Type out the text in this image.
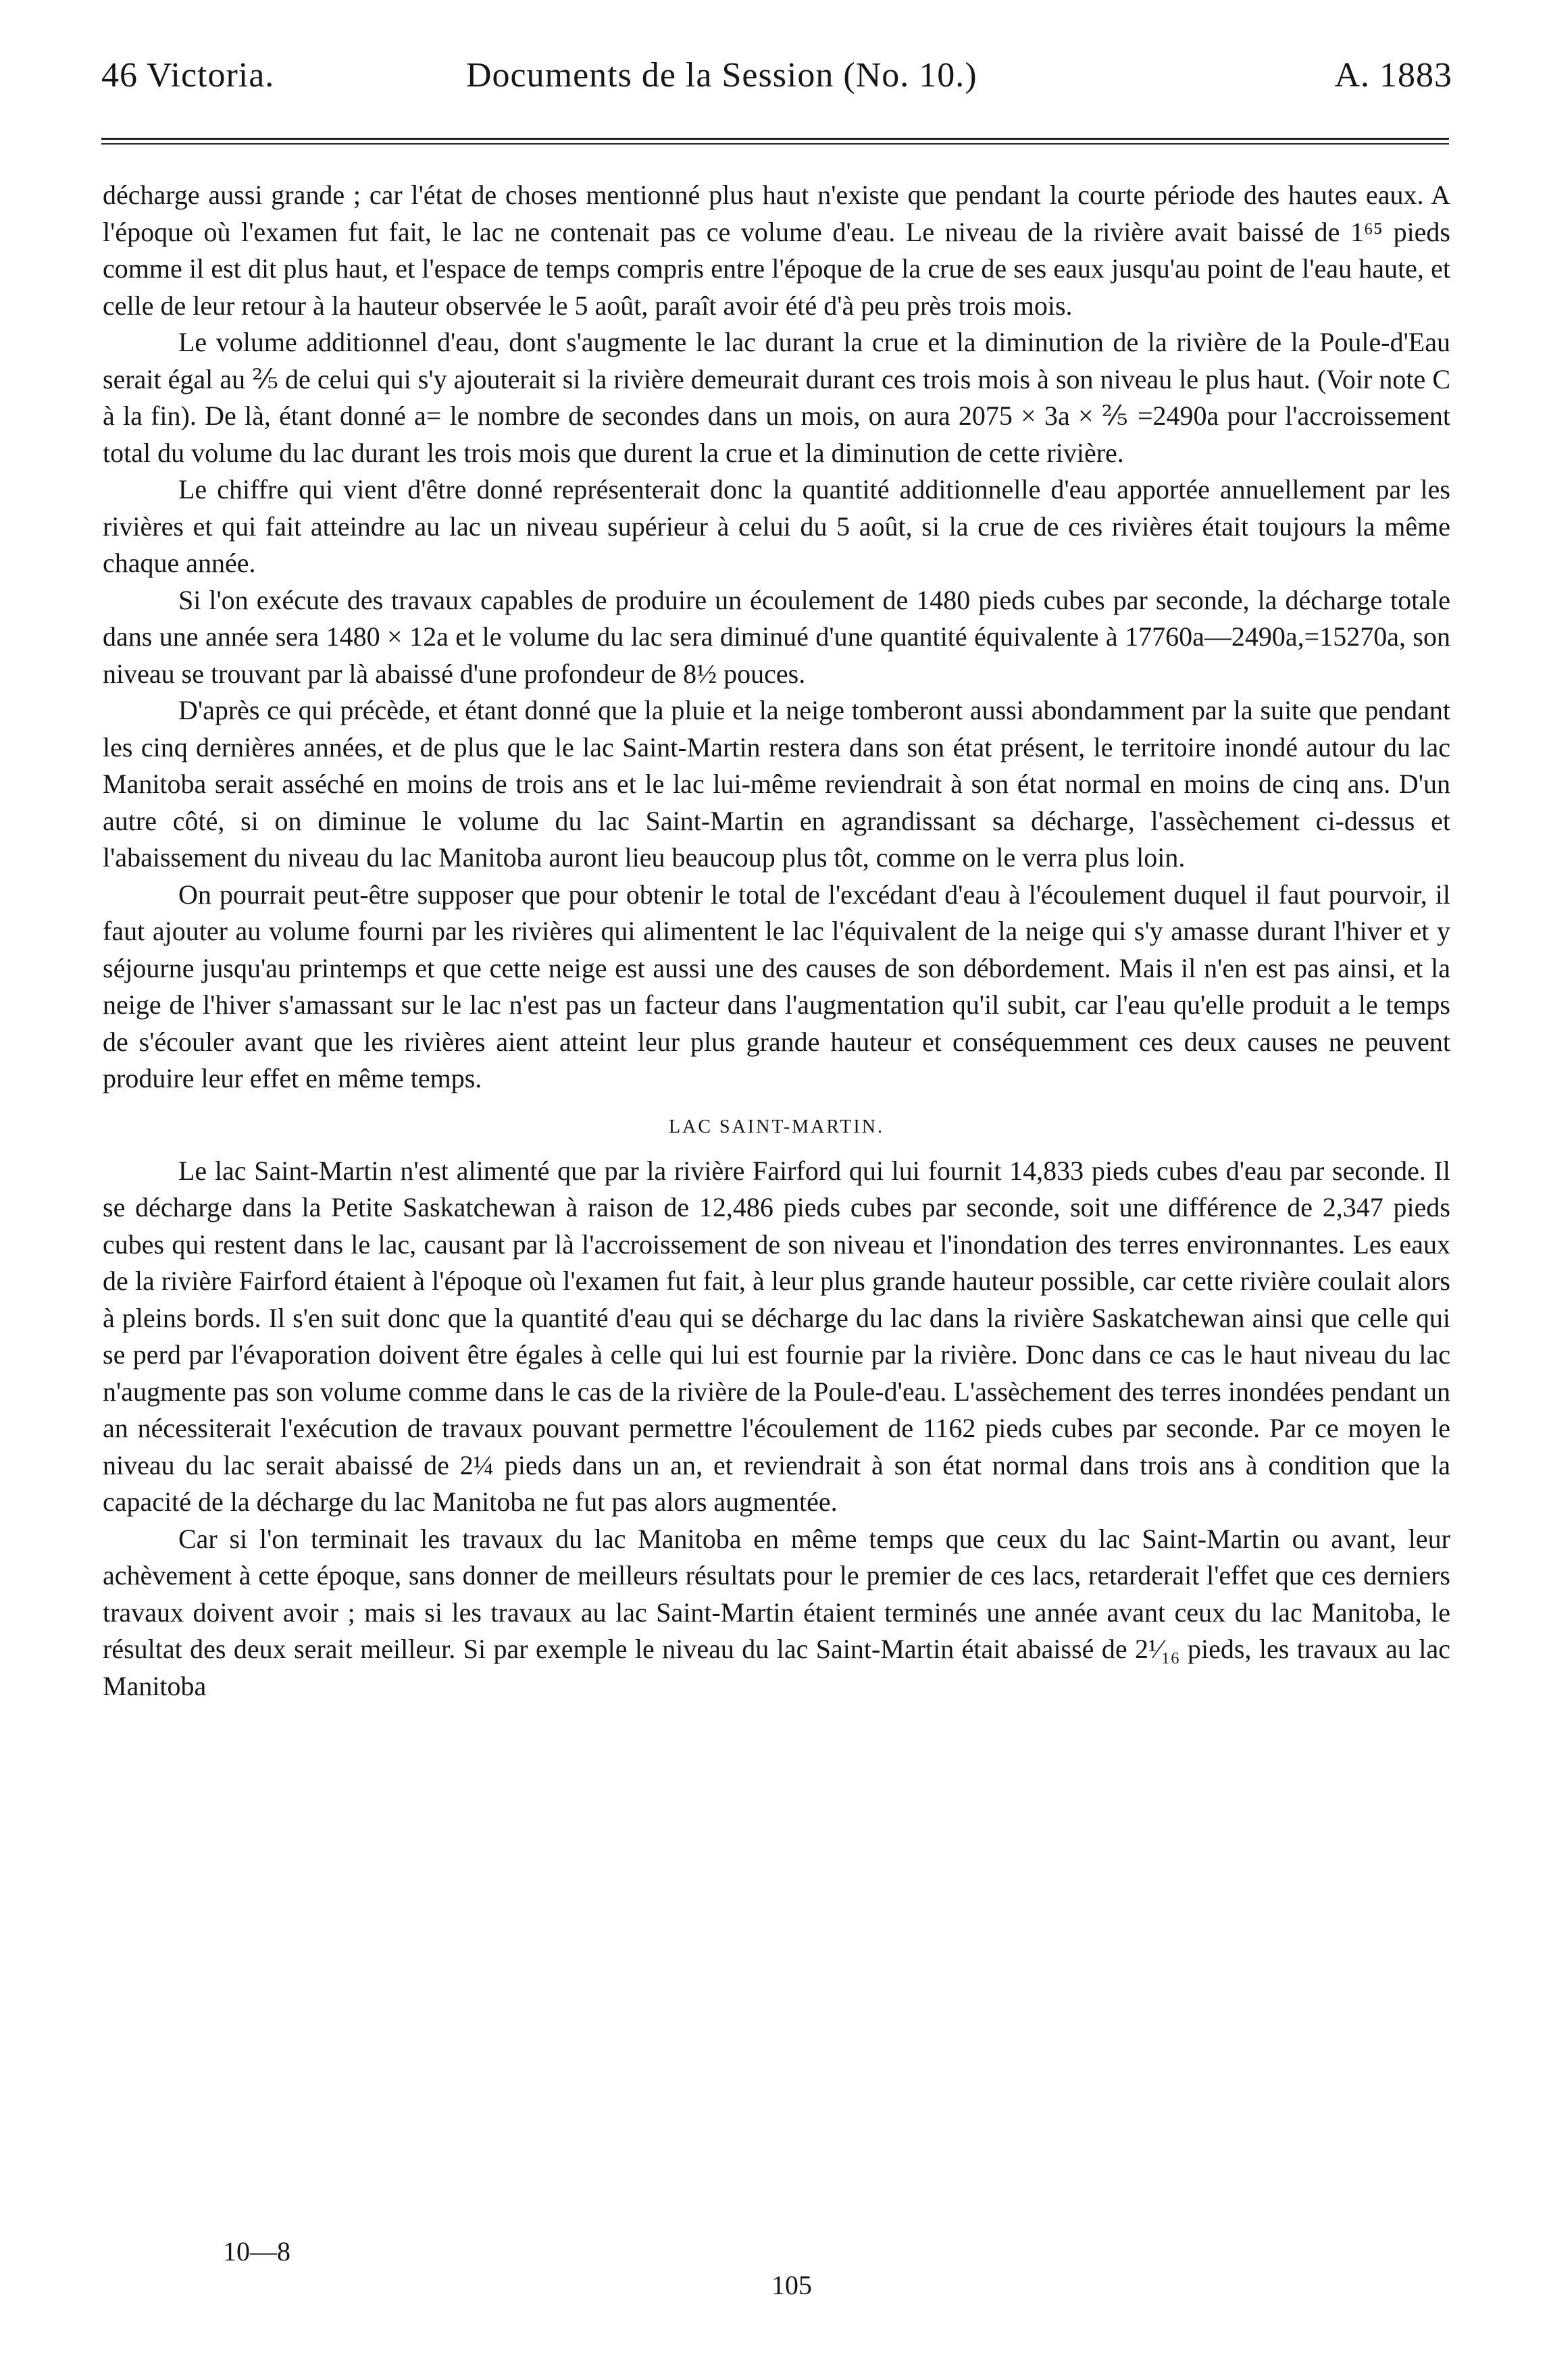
46 Victoria.	Documents de la Session (No. 10.)	A. 1883

décharge aussi grande ; car l'état de choses mentionné plus haut n'existe que pendant la courte période des hautes eaux. A l'époque où l'examen fut fait, le lac ne contenait pas ce volume d'eau. Le niveau de la rivière avait baissé de 1⁶⁵ pieds comme il est dit plus haut, et l'espace de temps compris entre l'époque de la crue de ses eaux jusqu'au point de l'eau haute, et celle de leur retour à la hauteur observée le 5 août, paraît avoir été d'à peu près trois mois.

Le volume additionnel d'eau, dont s'augmente le lac durant la crue et la diminution de la rivière de la Poule-d'Eau serait égal au ⅖ de celui qui s'y ajouterait si la rivière demeurait durant ces trois mois à son niveau le plus haut. (Voir note C à la fin). De là, étant donné a= le nombre de secondes dans un mois, on aura 2075 × 3a × ⅖ =2490a pour l'accroissement total du volume du lac durant les trois mois que durent la crue et la diminution de cette rivière.

Le chiffre qui vient d'être donné représenterait donc la quantité additionnelle d'eau apportée annuellement par les rivières et qui fait atteindre au lac un niveau supérieur à celui du 5 août, si la crue de ces rivières était toujours la même chaque année.

Si l'on exécute des travaux capables de produire un écoulement de 1480 pieds cubes par seconde, la décharge totale dans une année sera 1480 × 12a et le volume du lac sera diminué d'une quantité équivalente à 17760a—2490a,=15270a, son niveau se trouvant par là abaissé d'une profondeur de 8½ pouces.

D'après ce qui précède, et étant donné que la pluie et la neige tomberont aussi abondamment par la suite que pendant les cinq dernières années, et de plus que le lac Saint-Martin restera dans son état présent, le territoire inondé autour du lac Manitoba serait asséché en moins de trois ans et le lac lui-même reviendrait à son état normal en moins de cinq ans. D'un autre côté, si on diminue le volume du lac Saint-Martin en agrandissant sa décharge, l'assèchement ci-dessus et l'abaissement du niveau du lac Manitoba auront lieu beaucoup plus tôt, comme on le verra plus loin.

On pourrait peut-être supposer que pour obtenir le total de l'excédant d'eau à l'écoulement duquel il faut pourvoir, il faut ajouter au volume fourni par les rivières qui alimentent le lac l'équivalent de la neige qui s'y amasse durant l'hiver et y séjourne jusqu'au printemps et que cette neige est aussi une des causes de son débordement. Mais il n'en est pas ainsi, et la neige de l'hiver s'amassant sur le lac n'est pas un facteur dans l'augmentation qu'il subit, car l'eau qu'elle produit a le temps de s'écouler avant que les rivières aient atteint leur plus grande hauteur et conséquemment ces deux causes ne peuvent produire leur effet en même temps.

LAC SAINT-MARTIN.

Le lac Saint-Martin n'est alimenté que par la rivière Fairford qui lui fournit 14,833 pieds cubes d'eau par seconde. Il se décharge dans la Petite Saskatchewan à raison de 12,486 pieds cubes par seconde, soit une différence de 2,347 pieds cubes qui restent dans le lac, causant par là l'accroissement de son niveau et l'inondation des terres environnantes. Les eaux de la rivière Fairford étaient à l'époque où l'examen fut fait, à leur plus grande hauteur possible, car cette rivière coulait alors à pleins bords. Il s'en suit donc que la quantité d'eau qui se décharge du lac dans la rivière Saskatchewan ainsi que celle qui se perd par l'évaporation doivent être égales à celle qui lui est fournie par la rivière. Donc dans ce cas le haut niveau du lac n'augmente pas son volume comme dans le cas de la rivière de la Poule-d'eau. L'assèchement des terres inondées pendant un an nécessiterait l'exécution de travaux pouvant permettre l'écoulement de 1162 pieds cubes par seconde. Par ce moyen le niveau du lac serait abaissé de 2¼ pieds dans un an, et reviendrait à son état normal dans trois ans à condition que la capacité de la décharge du lac Manitoba ne fut pas alors augmentée.

Car si l'on terminait les travaux du lac Manitoba en même temps que ceux du lac Saint-Martin ou avant, leur achèvement à cette époque, sans donner de meilleurs résultats pour le premier de ces lacs, retarderait l'effet que ces derniers travaux doivent avoir ; mais si les travaux au lac Saint-Martin étaient terminés une année avant ceux du lac Manitoba, le résultat des deux serait meilleur. Si par exemple le niveau du lac Saint-Martin était abaissé de 2¹⁄₁₆ pieds, les travaux au lac Manitoba

10—8
105
